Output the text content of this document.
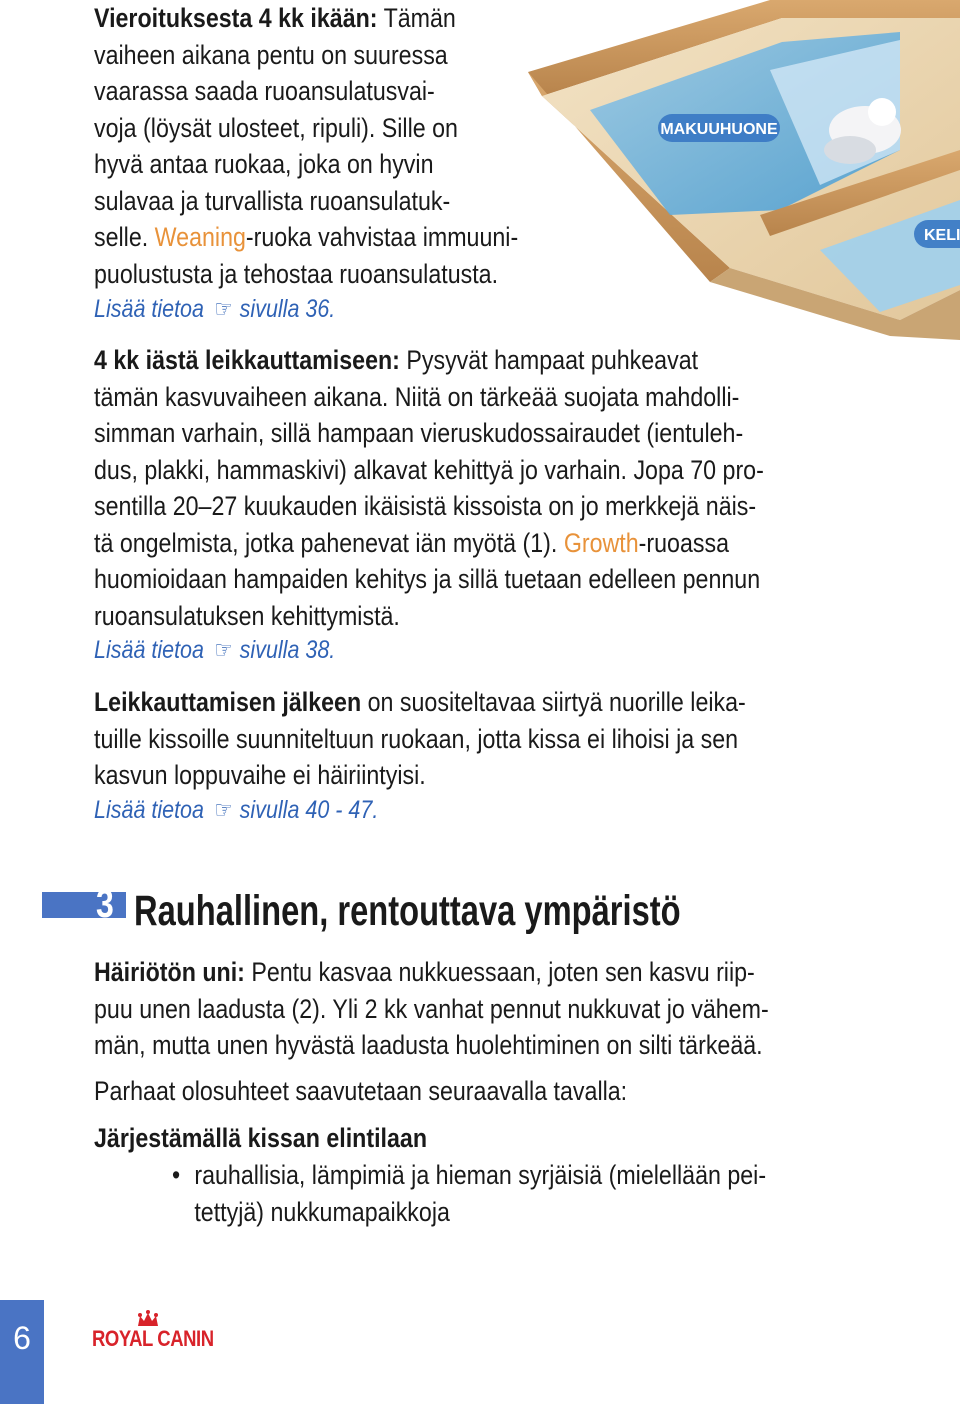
Vieroituksesta 4 kk ikään: Tämän
vaiheen aikana pentu on suuressa
vaarassa saada ruoansulatusvai-
voja (löysät ulosteet, ripuli). Sille on
hyvä antaa ruokaa, joka on hyvin
sulavaa ja turvallista ruoansulatuk-
selle. Weaning-ruoka vahvistaa immuuni-
puolustusta ja tehostaa ruoansulatusta.
Lisää tietoa ☞ sivulla 36.
MAKUUHUONE
KELI
4 kk iästä leikkauttamiseen: Pysyvät hampaat puhkeavat
tämän kasvuvaiheen aikana. Niitä on tärkeää suojata mahdolli-
simman varhain, sillä hampaan vieruskudossairaudet (ientuleh-
dus, plakki, hammaskivi) alkavat kehittyä jo varhain. Jopa 70 pro-
sentilla 20–27 kuukauden ikäisistä kissoista on jo merkkejä näis-
tä ongelmista, jotka pahenevat iän myötä (1). Growth-ruoassa
huomioidaan hampaiden kehitys ja sillä tuetaan edelleen pennun
ruoansulatuksen kehittymistä.
Lisää tietoa ☞ sivulla 38.
Leikkauttamisen jälkeen on suositeltavaa siirtyä nuorille leika-
tuille kissoille suunniteltuun ruokaan, jotta kissa ei lihoisi ja sen
kasvun loppuvaihe ei häiriintyisi.
Lisää tietoa ☞ sivulla 40 - 47.
3 Rauhallinen, rentouttava ympäristö
Häiriötön uni: Pentu kasvaa nukkuessaan, joten sen kasvu riip-
puu unen laadusta (2). Yli 2 kk vanhat pennut nukkuvat jo vähem-
män, mutta unen hyvästä laadusta huolehtiminen on silti tärkeää.
Parhaat olosuhteet saavutetaan seuraavalla tavalla:
Järjestämällä kissan elintilaan
• rauhallisia, lämpimiä ja hieman syrjäisiä (mielellään pei-
tettyjä) nukkumapaikkoja
6	ROYAL CANIN
